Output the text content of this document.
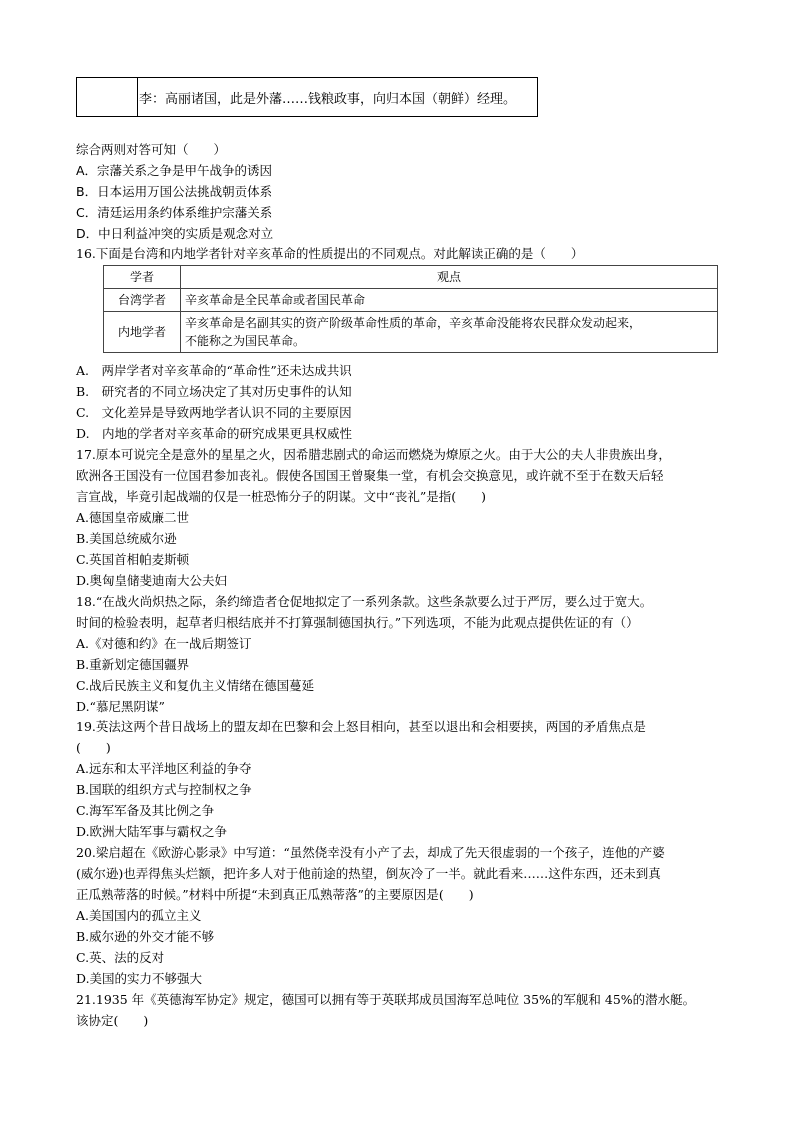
李：高丽诸国，此是外藩……钱粮政事，向归本国（朝鲜）经理。
综合两则对答可知（　　）
A．宗藩关系之争是甲午战争的诱因
B．日本运用万国公法挑战朝贡体系
C．清廷运用条约体系维护宗藩关系
D．中日利益冲突的实质是观念对立
16.下面是台湾和内地学者针对辛亥革命的性质提出的不同观点。对此解读正确的是（　　）
学者	观点
台湾学者	辛亥革命是全民革命或者国民革命
内地学者	辛亥革命是名副其实的资产阶级革命性质的革命，辛亥革命没能将农民群众发动起来，
不能称之为国民革命。
A.　两岸学者对辛亥革命的“革命性”还未达成共识
B.　研究者的不同立场决定了其对历史事件的认知
C.　文化差异是导致两地学者认识不同的主要原因
D.　内地的学者对辛亥革命的研究成果更具权威性
17.原本可说完全是意外的星星之火，因希腊悲剧式的命运而燃烧为燎原之火。由于大公的夫人非贵族出身，
欧洲各王国没有一位国君参加丧礼。假使各国国王曾聚集一堂，有机会交换意见，或许就不至于在数天后轻
言宣战，毕竟引起战端的仅是一桩恐怖分子的阴谋。文中“丧礼”是指(　　)
A.德国皇帝威廉二世
B.美国总统威尔逊
C.英国首相帕麦斯顿
D.奥匈皇储斐迪南大公夫妇
18.“在战火尚炽热之际，条约缔造者仓促地拟定了一系列条款。这些条款要么过于严厉，要么过于宽大。
时间的检验表明，起草者归根结底并不打算强制德国执行。”下列选项，不能为此观点提供佐证的有（）
A.《对德和约》在一战后期签订
B.重新划定德国疆界
C.战后民族主义和复仇主义情绪在德国蔓延
D.“慕尼黑阴谋”
19.英法这两个昔日战场上的盟友却在巴黎和会上怒目相向，甚至以退出和会相要挟，两国的矛盾焦点是
(　　)
A.远东和太平洋地区利益的争夺
B.国联的组织方式与控制权之争
C.海军军备及其比例之争
D.欧洲大陆军事与霸权之争
20.梁启超在《欧游心影录》中写道：“虽然侥幸没有小产了去，却成了先天很虚弱的一个孩子，连他的产婆
(威尔逊)也弄得焦头烂额，把许多人对于他前途的热望，倒灰冷了一半。就此看来……这件东西，还未到真
正瓜熟蒂落的时候。”材料中所提“未到真正瓜熟蒂落”的主要原因是(　　)
A.美国国内的孤立主义
B.威尔逊的外交才能不够
C.英、法的反对
D.美国的实力不够强大
21.1935 年《英德海军协定》规定，德国可以拥有等于英联邦成员国海军总吨位 35%的军舰和 45%的潜水艇。
该协定(　　)
